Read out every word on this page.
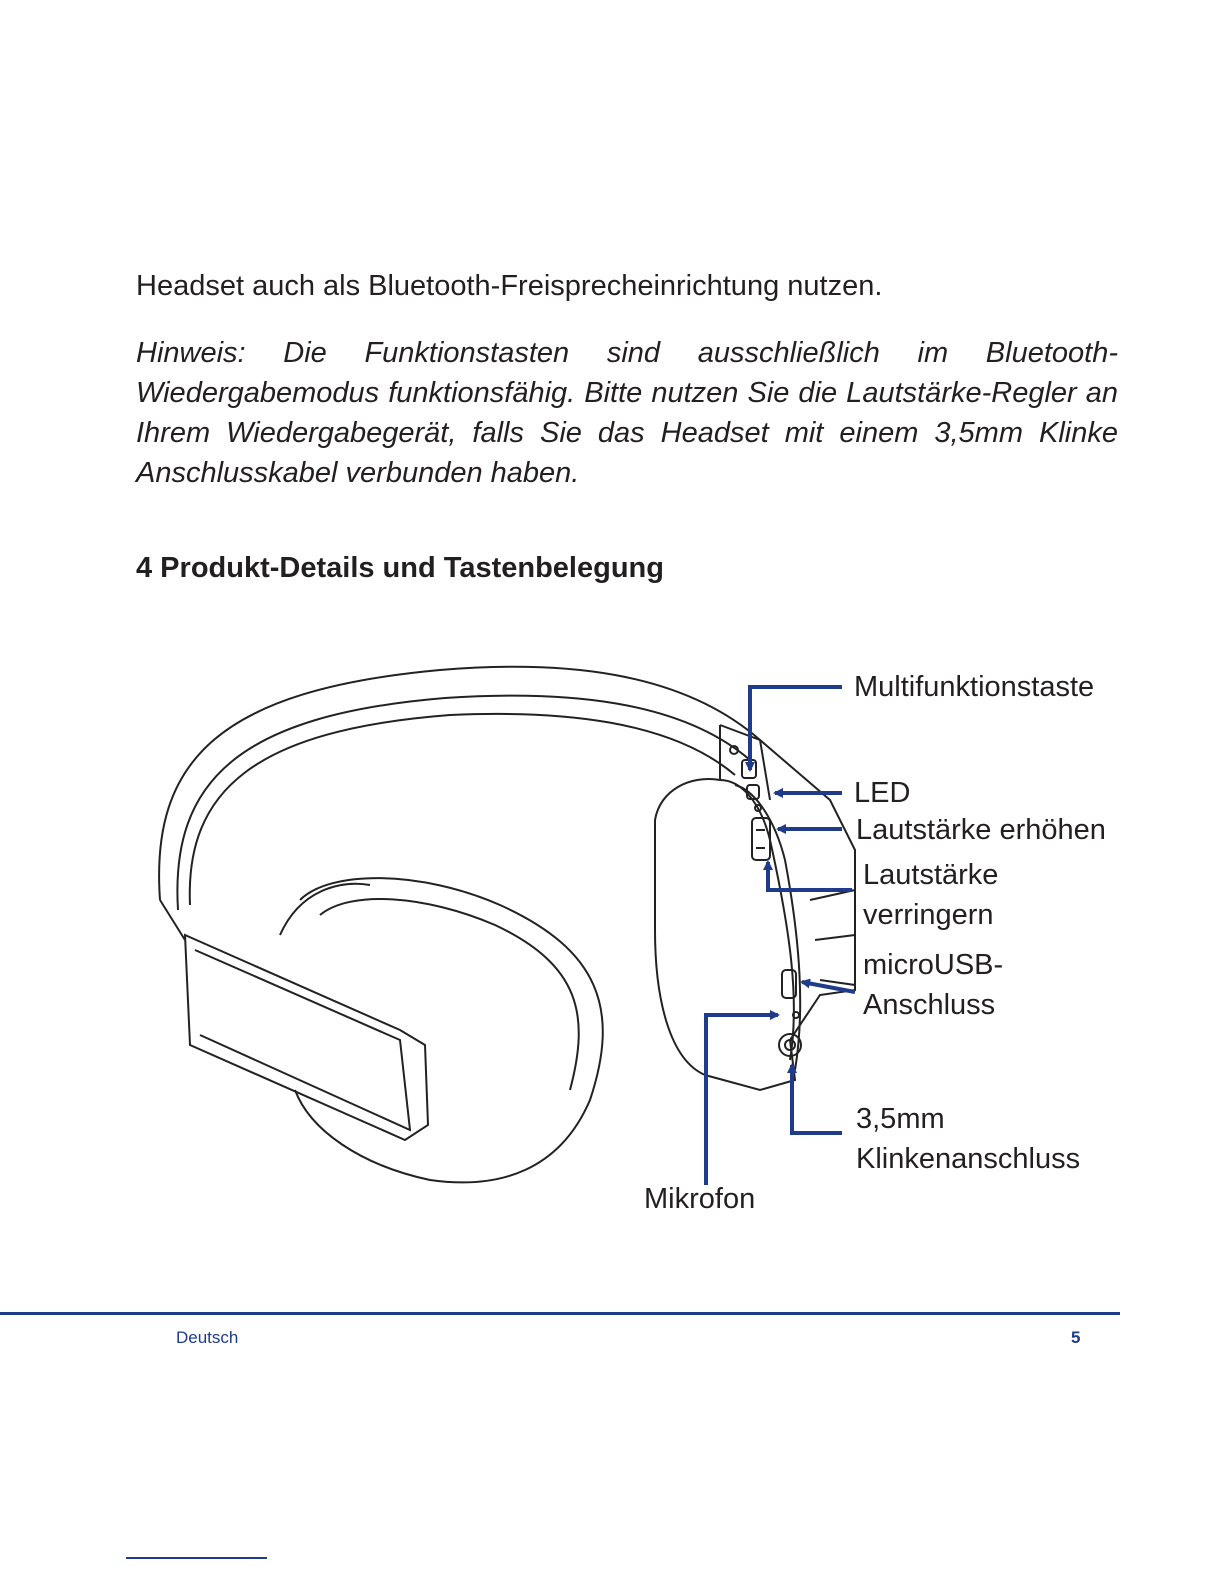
Headset auch als Bluetooth-Freisprecheinrichtung nutzen.

Hinweis: Die Funktionstasten sind ausschließlich im Bluetooth-Wiedergabemodus funktionsfähig. Bitte nutzen Sie die Lautstärke-Regler an Ihrem Wiedergabegerät, falls Sie das Headset mit einem 3,5mm Klinke Anschlusskabel verbunden haben.

4 Produkt-Details und Tastenbelegung
Multifunktionstaste
LED
Lautstärke erhöhen
Lautstärke
verringern
microUSB-
Anschluss
3,5mm
Klinkenanschluss
Mikrofon
Deutsch	5
